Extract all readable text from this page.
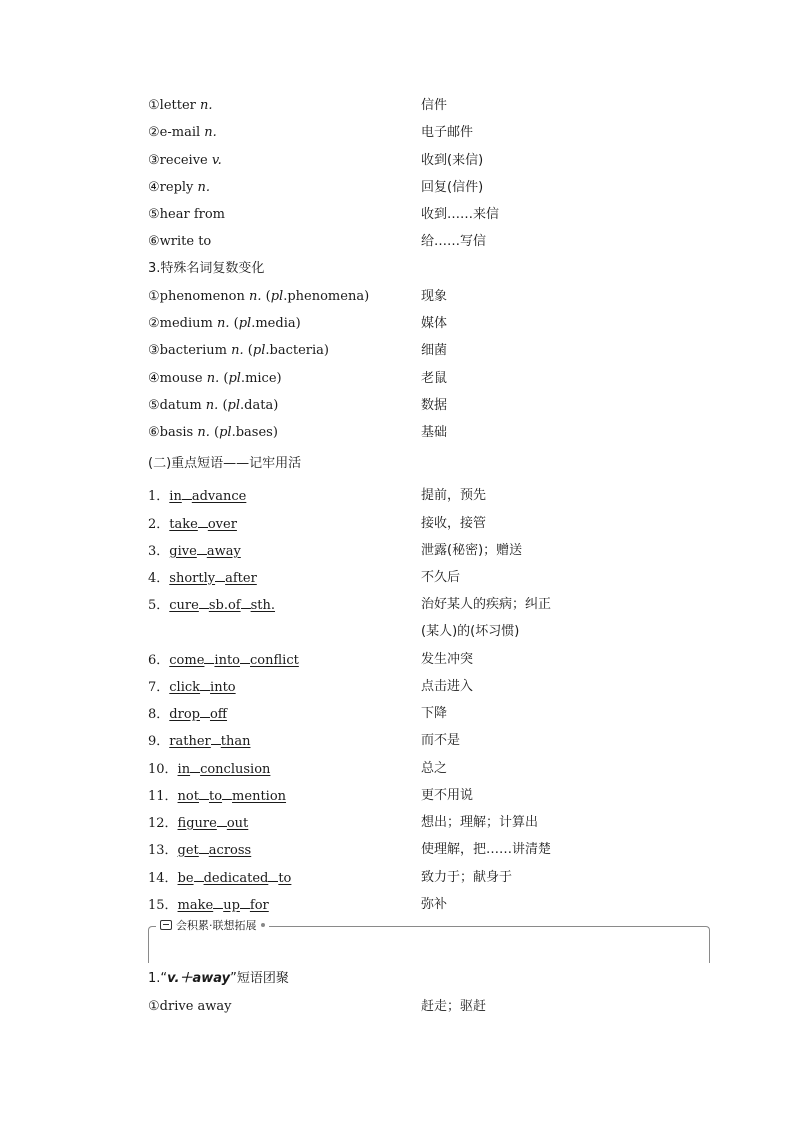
①letter n.	信件
②e-mail n.	电子邮件
③receive v.	收到(来信)
④reply n.	回复(信件)
⑤hear from	收到……来信
⑥write to	给……写信
3.特殊名词复数变化
①phenomenon n. (pl.phenomena)	现象
②medium n. (pl.media)	媒体
③bacterium n. (pl.bacteria)	细菌
④mouse n. (pl.mice)	老鼠
⑤datum n. (pl.data)	数据
⑥basis n. (pl.bases)	基础
(二)重点短语——记牢用活
1．in advance	提前，预先
2．take over	接收，接管
3．give away	泄露(秘密)；赠送
4．shortly after	不久后
5．cure sb.of sth.	治好某人的疾病；纠正
(某人)的(坏习惯)
6．come into conflict	发生冲突
7．click into	点击进入
8．drop off	下降
9．rather than	而不是
10．in conclusion	总之
11．not to mention	更不用说
12．figure out	想出；理解；计算出
13．get across	使理解，把……讲清楚
14．be dedicated to	致力于；献身于
15．make up for	弥补
会积累·联想拓展
1.“v.＋away”短语团聚
①drive away	赶走；驱赶
